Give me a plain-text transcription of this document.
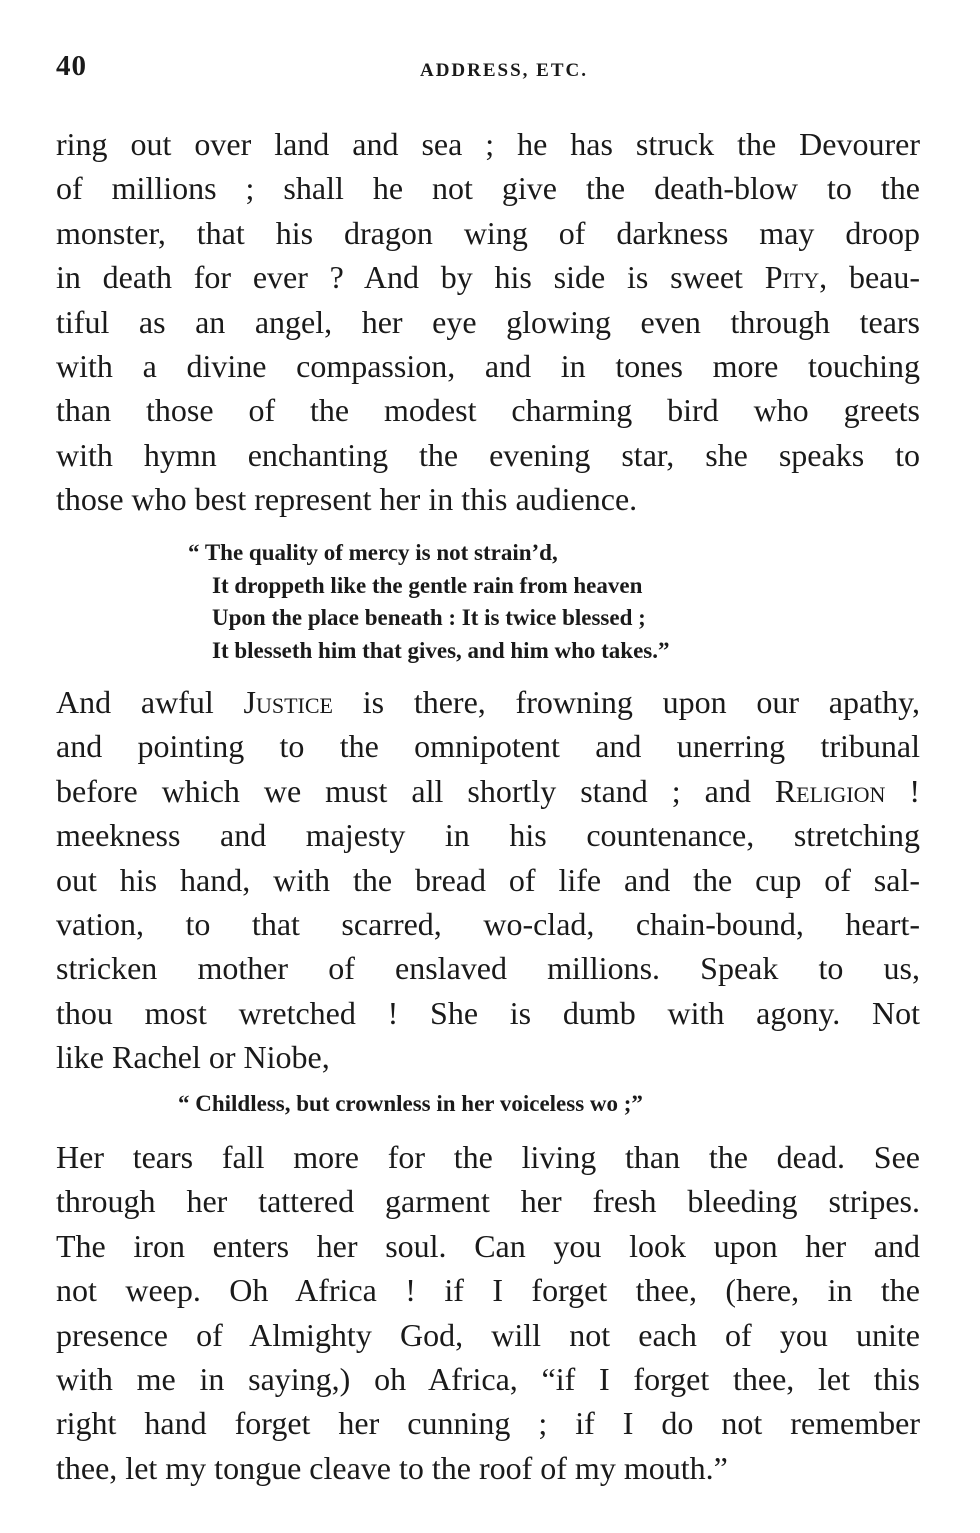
40	ADDRESS, ETC.
ring out over land and sea ; he has struck the Devourer
of millions ; shall he not give the death-blow to the
monster, that his dragon wing of darkness may droop
in death for ever ? And by his side is sweet Pity, beau-
tiful as an angel, her eye glowing even through tears
with a divine compassion, and in tones more touching
than those of the modest charming bird who greets
with hymn enchanting the evening star, she speaks to
those who best represent her in this audience.
“ The quality of mercy is not strain’d,
It droppeth like the gentle rain from heaven
Upon the place beneath : It is twice blessed ;
It blesseth him that gives, and him who takes.”
And awful Justice is there, frowning upon our apathy,
and pointing to the omnipotent and unerring tribunal
before which we must all shortly stand ; and Religion !
meekness and majesty in his countenance, stretching
out his hand, with the bread of life and the cup of sal-
vation, to that scarred, wo-clad, chain-bound, heart-
stricken mother of enslaved millions. Speak to us,
thou most wretched ! She is dumb with agony. Not
like Rachel or Niobe,
“ Childless, but crownless in her voiceless wo ;”
Her tears fall more for the living than the dead. See
through her tattered garment her fresh bleeding stripes.
The iron enters her soul. Can you look upon her and
not weep. Oh Africa ! if I forget thee, (here, in the
presence of Almighty God, will not each of you unite
with me in saying,) oh Africa, “if I forget thee, let this
right hand forget her cunning ; if I do not remember
thee, let my tongue cleave to the roof of my mouth.”
